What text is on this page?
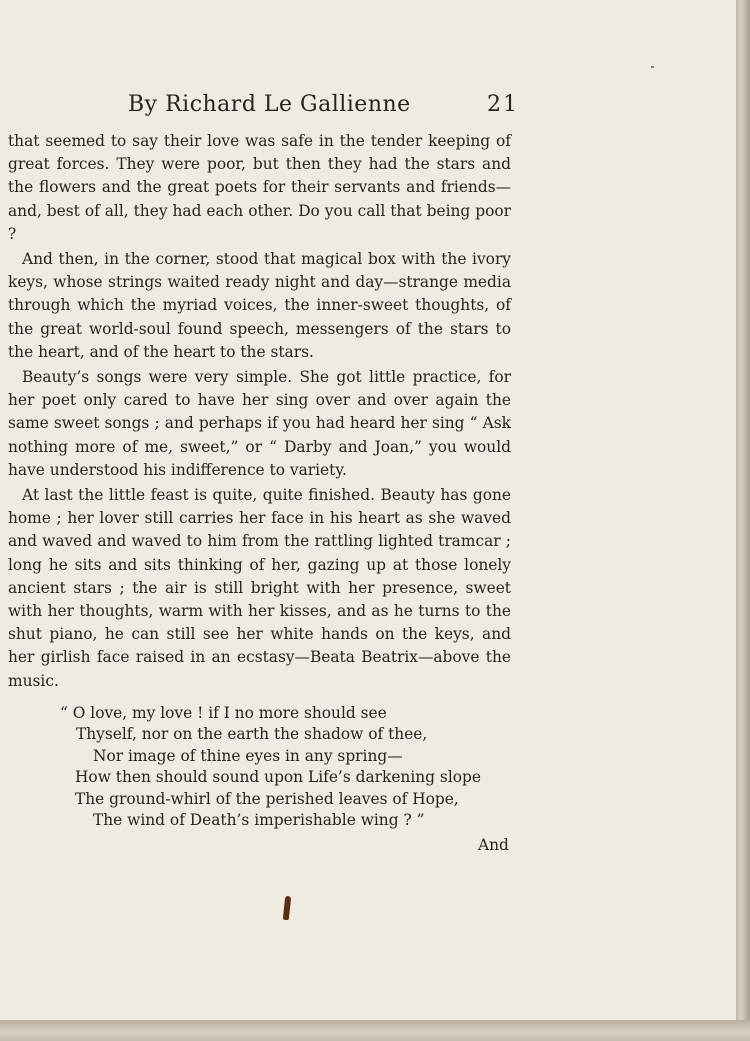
By Richard Le Gallienne	21

that seemed to say their love was safe in the tender keeping of great forces. They were poor, but then they had the stars and the flowers and the great poets for their servants and friends—and, best of all, they had each other. Do you call that being poor ?

And then, in the corner, stood that magical box with the ivory keys, whose strings waited ready night and day—strange media through which the myriad voices, the inner-sweet thoughts, of the great world-soul found speech, messengers of the stars to the heart, and of the heart to the stars.

Beauty’s songs were very simple. She got little practice, for her poet only cared to have her sing over and over again the same sweet songs ; and perhaps if you had heard her sing “ Ask nothing more of me, sweet,” or “ Darby and Joan,” you would have understood his indifference to variety.

At last the little feast is quite, quite finished. Beauty has gone home ; her lover still carries her face in his heart as she waved and waved and waved to him from the rattling lighted tramcar ; long he sits and sits thinking of her, gazing up at those lonely ancient stars ; the air is still bright with her presence, sweet with her thoughts, warm with her kisses, and as he turns to the shut piano, he can still see her white hands on the keys, and her girlish face raised in an ecstasy—Beata Beatrix—above the music.

“ O love, my love ! if I no more should see
Thyself, nor on the earth the shadow of thee,
Nor image of thine eyes in any spring—
How then should sound upon Life’s darkening slope
The ground-whirl of the perished leaves of Hope,
The wind of Death’s imperishable wing ? ”
And
